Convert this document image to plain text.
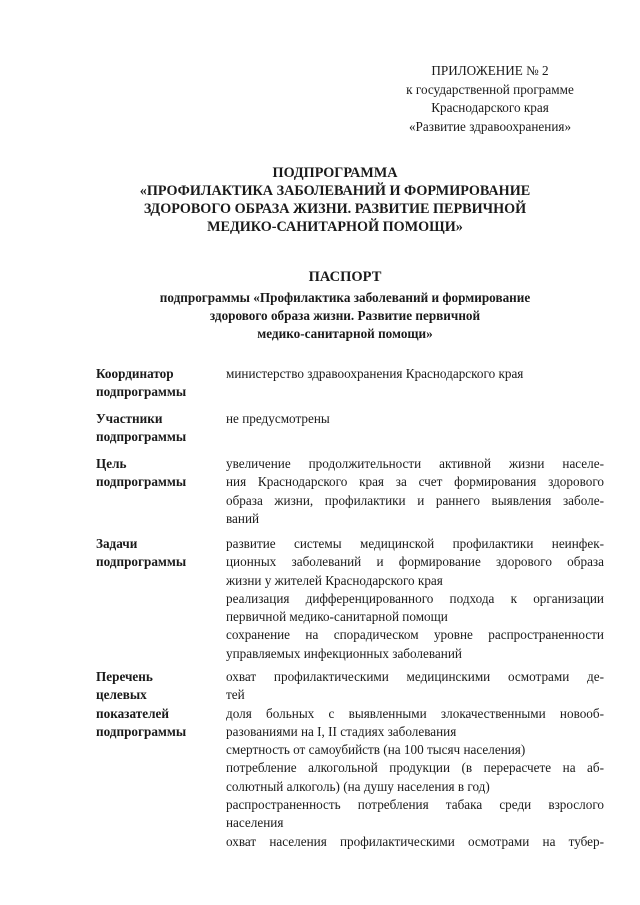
ПРИЛОЖЕНИЕ № 2
к государственной программе
Краснодарского края
«Развитие здравоохранения»
ПОДПРОГРАММА
«ПРОФИЛАКТИКА ЗАБОЛЕВАНИЙ И ФОРМИРОВАНИЕ
ЗДОРОВОГО ОБРАЗА ЖИЗНИ. РАЗВИТИЕ ПЕРВИЧНОЙ
МЕДИКО-САНИТАРНОЙ ПОМОЩИ»
ПАСПОРТ
подпрограммы «Профилактика заболеваний и формирование
здорового образа жизни. Развитие первичной
медико-санитарной помощи»
Координатор
подпрограммы
министерство здравоохранения Краснодарского края
Участники
подпрограммы
не предусмотрены
Цель
подпрограммы
увеличение продолжительности активной жизни населе-
ния Краснодарского края за счет формирования здорового
образа жизни, профилактики и раннего выявления заболе-
ваний
Задачи
подпрограммы
развитие системы медицинской профилактики неинфек-
ционных заболеваний и формирование здорового образа
жизни у жителей Краснодарского края
реализация дифференцированного подхода к организации
первичной медико-санитарной помощи
сохранение на спорадическом уровне распространенности
управляемых инфекционных заболеваний
Перечень
целевых
показателей
подпрограммы
охват профилактическими медицинскими осмотрами де-
тей
доля больных с выявленными злокачественными новооб-
разованиями на I, II стадиях заболевания
смертность от самоубийств (на 100 тысяч населения)
потребление алкогольной продукции (в перерасчете на аб-
солютный алкоголь) (на душу населения в год)
распространенность потребления табака среди взрослого
населения
охват населения профилактическими осмотрами на тубер-
